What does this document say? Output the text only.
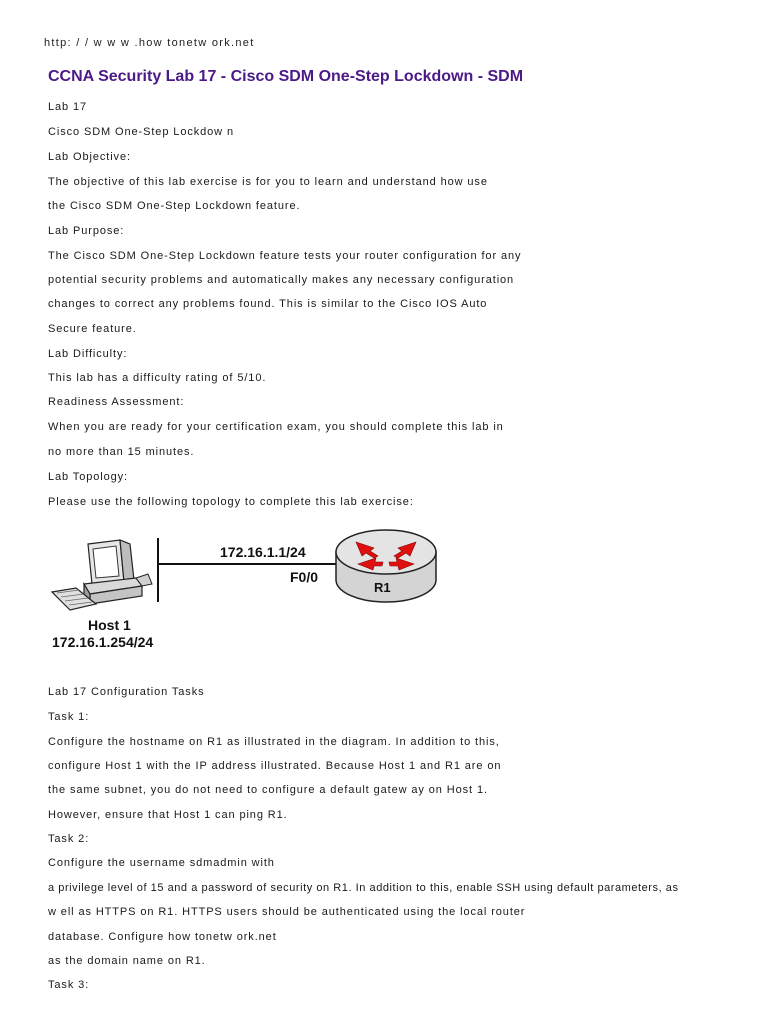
http: / / w w w .how tonetw ork.net
CCNA Security Lab 17 - Cisco SDM One-Step Lockdown - SDM
Lab 17
Cisco SDM One-Step Lockdow n
Lab Objective:
The objective of this lab exercise is for you to learn and understand how use
the Cisco SDM One-Step Lockdown feature.
Lab Purpose:
The Cisco SDM One-Step Lockdown feature tests your router configuration for any
potential security problems and automatically makes any necessary configuration
changes to correct any problems found. This is similar to the Cisco IOS Auto
Secure feature.
Lab Difficulty:
This lab has a difficulty rating of 5/10.
Readiness Assessment:
When you are ready for your certification exam, you should complete this lab in
no more than 15 minutes.
Lab Topology:
Please use the following topology to complete this lab exercise:
172.16.1.1/24
F0/0
R1
Host 1
172.16.1.254/24
Lab 17 Configuration Tasks
Task 1:
Configure the hostname on R1 as illustrated in the diagram. In addition to this,
configure Host 1 with the IP address illustrated. Because Host 1 and R1 are on
the same subnet, you do not need to configure a default gatew ay on Host 1.
However, ensure that Host 1 can ping R1.
Task 2:
Configure the username sdmadmin with
a privilege level of 15 and a password of security on R1. In addition to this, enable SSH using default parameters, as
w ell as HTTPS on R1. HTTPS users should be authenticated using the local router
database. Configure how tonetw ork.net
as the domain name on R1.
Task 3:
